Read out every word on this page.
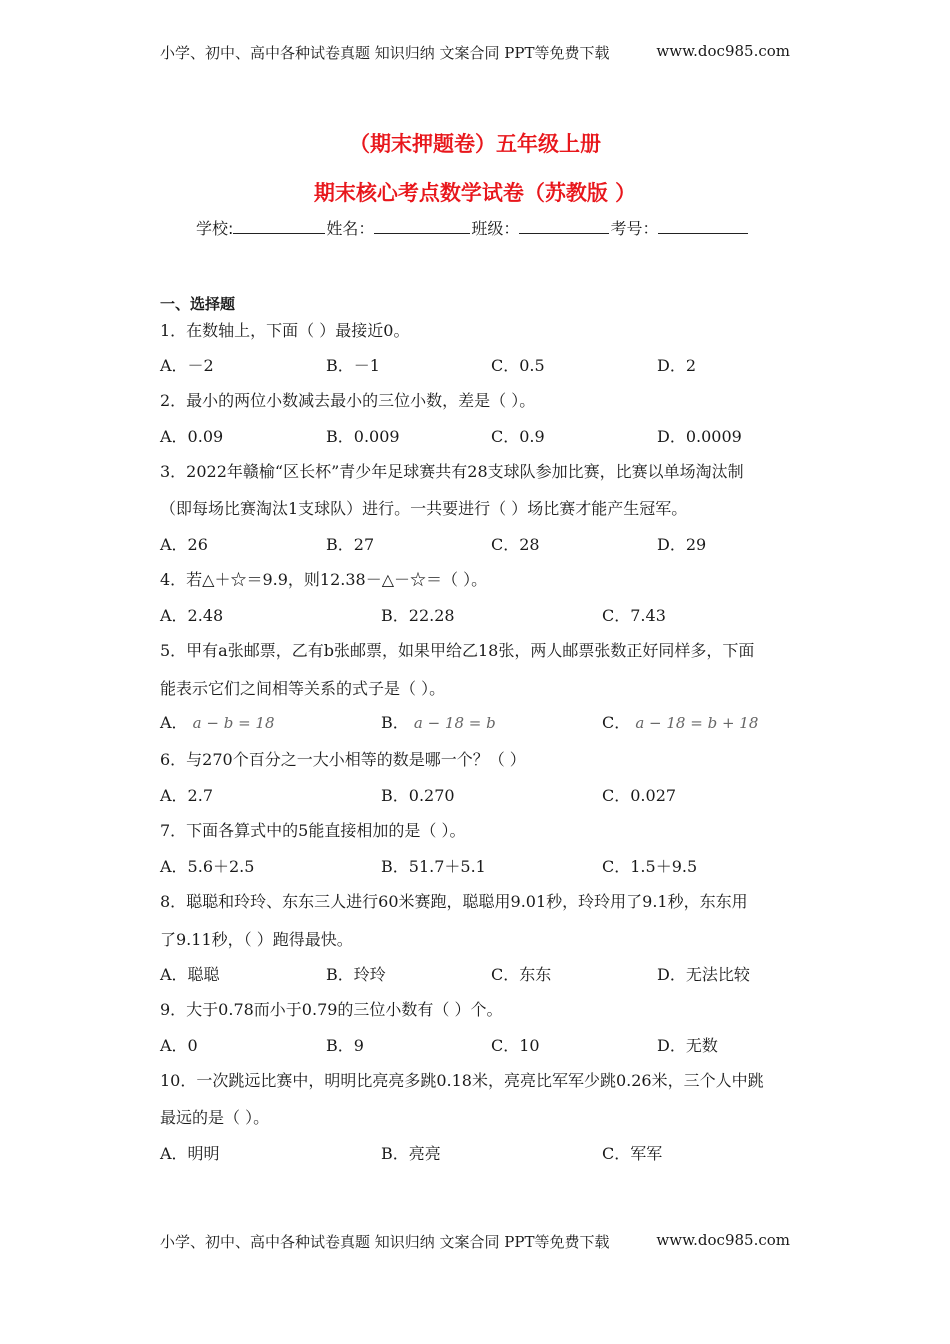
小学、初中、高中各种试卷真题 知识归纳 文案合同 PPT等免费下载	www.doc985.com
（期末押题卷）五年级上册
期末核心考点数学试卷（苏教版 ）
学校:	姓名：	班级：	考号：
一、选择题
1．在数轴上，下面（ ）最接近0。
A．－2	B．－1	C．0.5	D．2
2．最小的两位小数减去最小的三位小数，差是（ ）。
A．0.09	B．0.009	C．0.9	D．0.0009
3．2022年赣榆“区长杯”青少年足球赛共有28支球队参加比赛，比赛以单场淘汰制
（即每场比赛淘汰1支球队）进行。一共要进行（ ）场比赛才能产生冠军。
A．26	B．27	C．28	D．29
4．若△＋☆＝9.9，则12.38－△－☆＝（ ）。
A．2.48	B．22.28	C．7.43
5．甲有a张邮票，乙有b张邮票，如果甲给乙18张，两人邮票张数正好同样多，下面
能表示它们之间相等关系的式子是（ ）。
A． a − b = 18	B． a − 18 = b	C． a − 18 = b + 18
6．与270个百分之一大小相等的数是哪一个？（ ）
A．2.7	B．0.270	C．0.027
7．下面各算式中的5能直接相加的是（ ）。
A．5.6＋2.5	B．51.7＋5.1	C．1.5＋9.5
8．聪聪和玲玲、东东三人进行60米赛跑，聪聪用9.01秒，玲玲用了9.1秒，东东用
了9.11秒，（ ）跑得最快。
A．聪聪	B．玲玲	C．东东	D．无法比较
9．大于0.78而小于0.79的三位小数有（ ）个。
A．0	B．9	C．10	D．无数
10．一次跳远比赛中，明明比亮亮多跳0.18米，亮亮比军军少跳0.26米，三个人中跳
最远的是（ ）。
A．明明	B．亮亮	C．军军
小学、初中、高中各种试卷真题 知识归纳 文案合同 PPT等免费下载	www.doc985.com
